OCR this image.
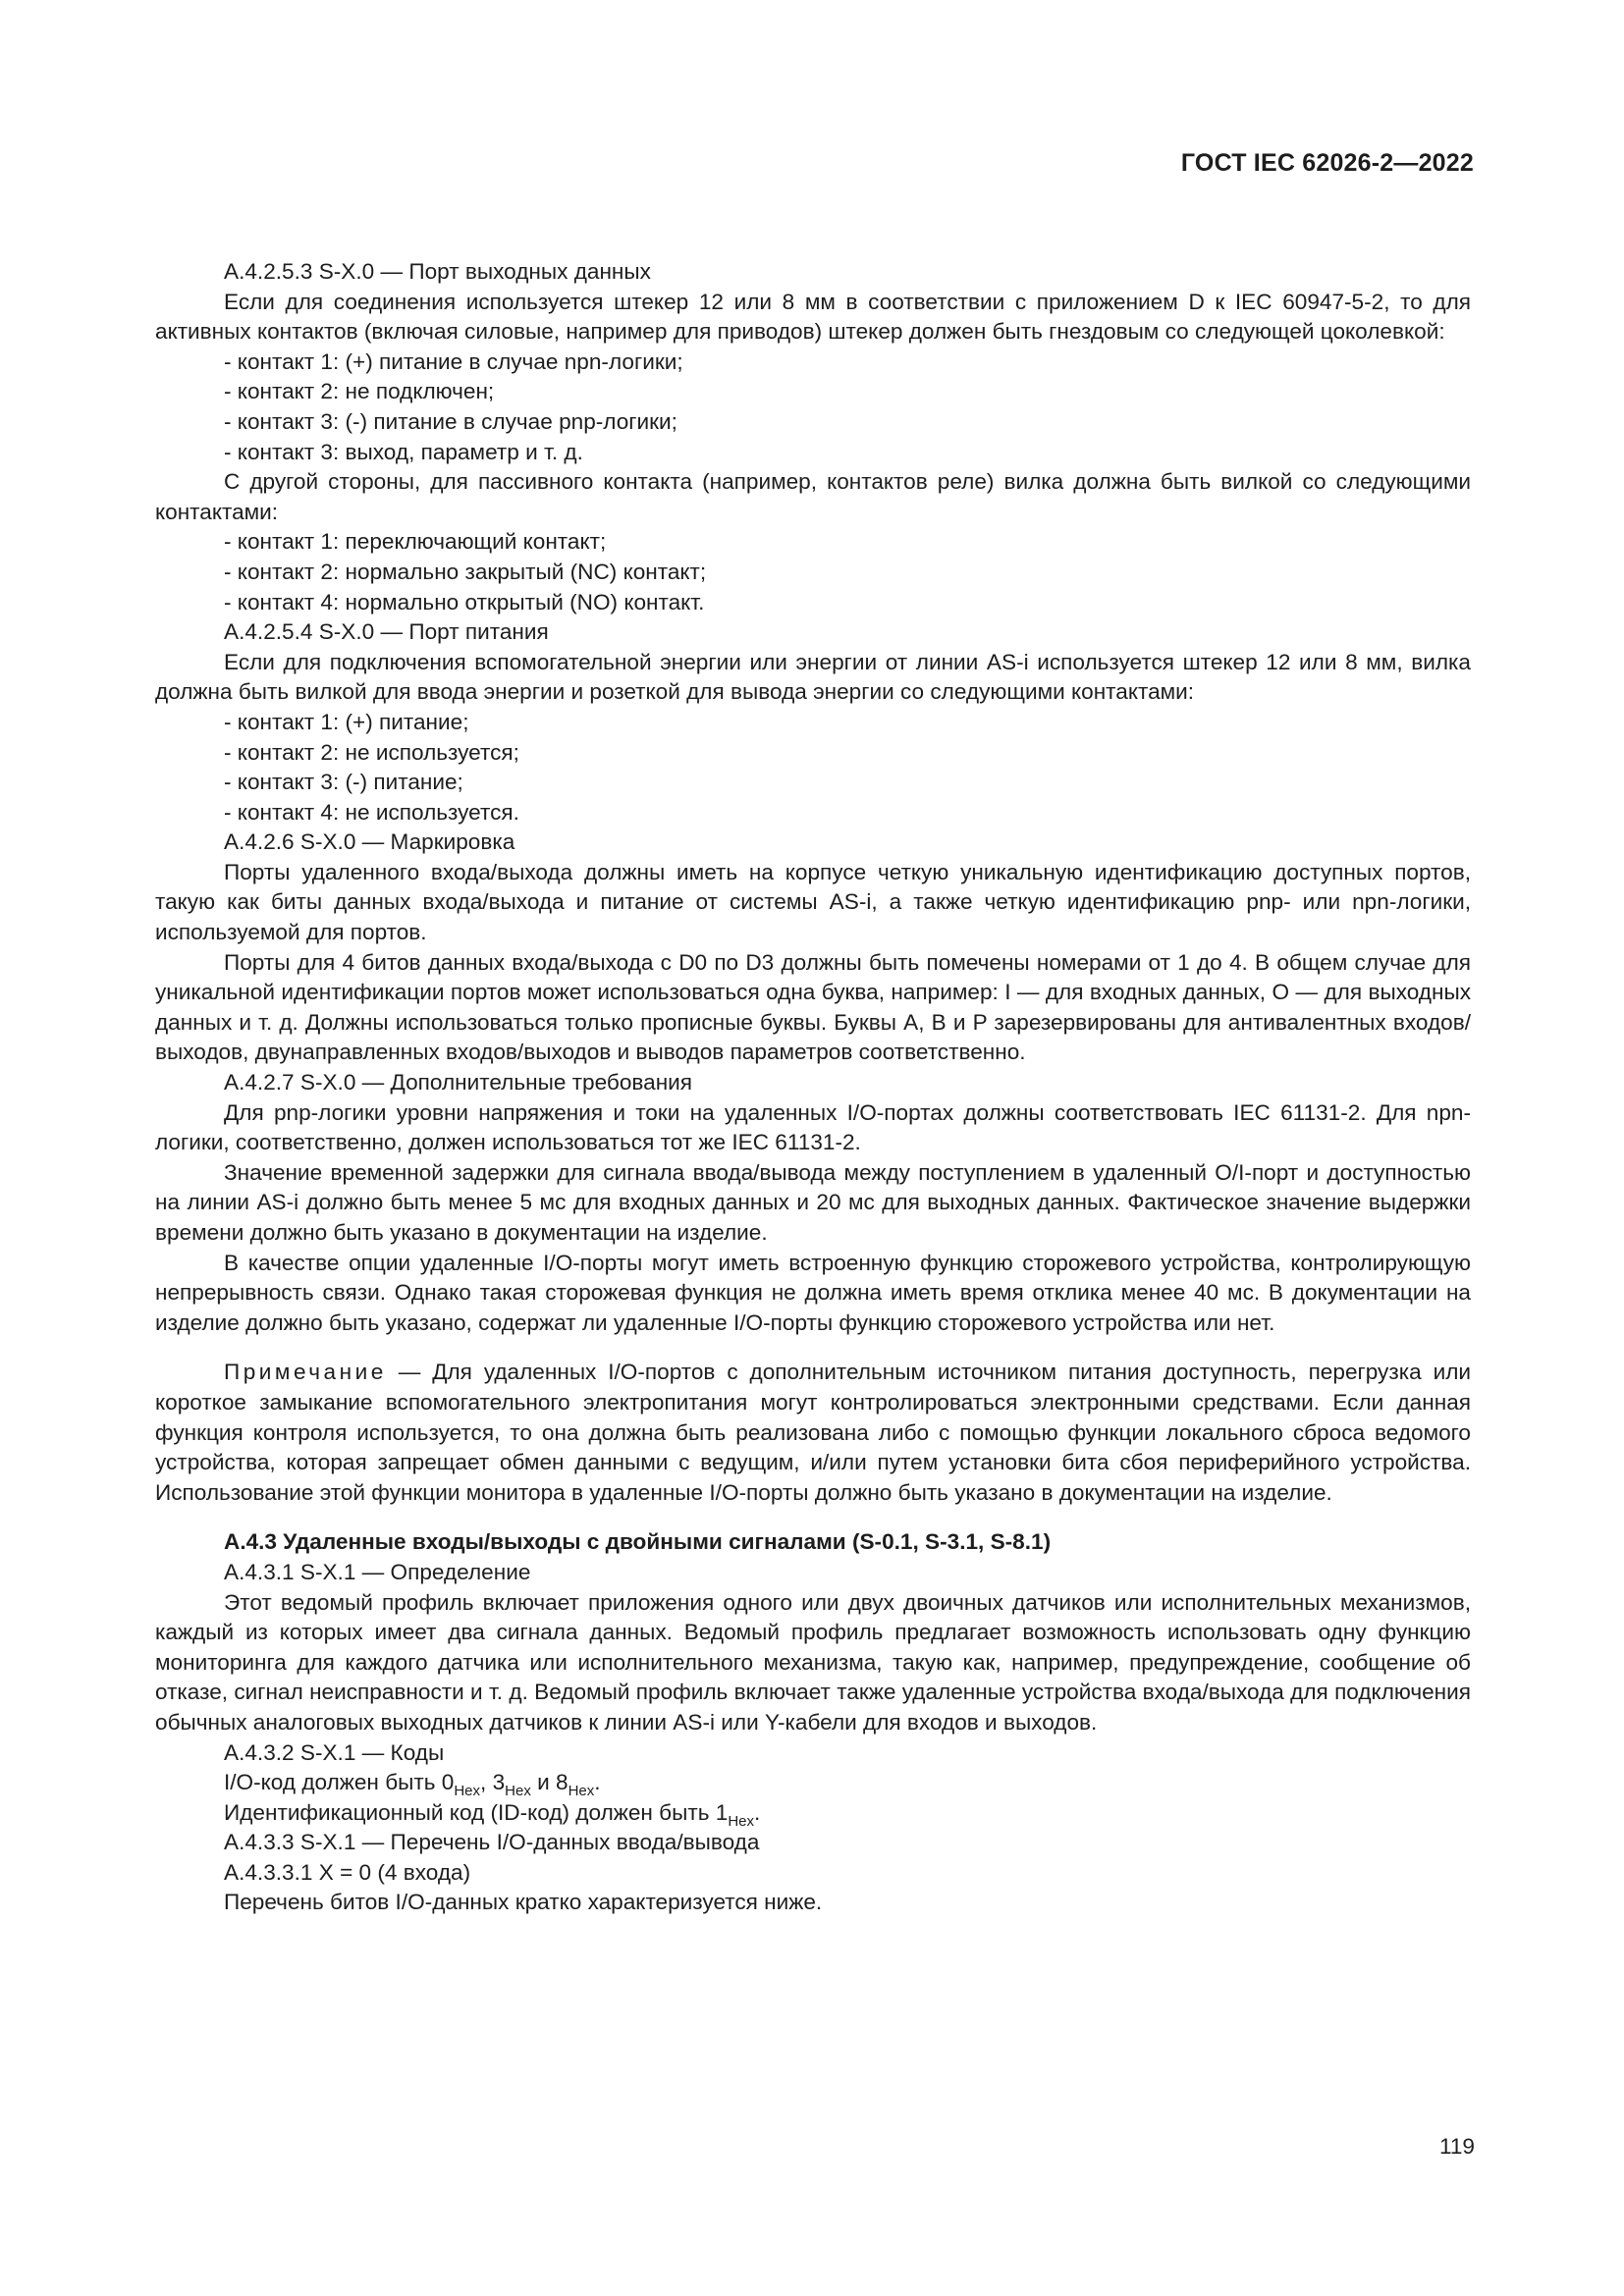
ГОСТ IEC 62026-2—2022

A.4.2.5.3 S-X.0 — Порт выходных данных

Если для соединения используется штекер 12 или 8 мм в соответствии с приложением D к IEC 60947-5-2, то для активных контактов (включая силовые, например для приводов) штекер должен быть гнездовым со следующей цоколевкой:

- контакт 1: (+) питание в случае npn-логики;

- контакт 2: не подключен;

- контакт 3: (-) питание в случае pnp-логики;

- контакт 3: выход, параметр и т. д.

С другой стороны, для пассивного контакта (например, контактов реле) вилка должна быть вилкой со следующими контактами:

- контакт 1: переключающий контакт;

- контакт 2: нормально закрытый (NC) контакт;

- контакт 4: нормально открытый (NO) контакт.

A.4.2.5.4 S-X.0 — Порт питания

Если для подключения вспомогательной энергии или энергии от линии AS-i используется штекер 12 или 8 мм, вилка должна быть вилкой для ввода энергии и розеткой для вывода энергии со следующими контактами:

- контакт 1: (+) питание;

- контакт 2: не используется;

- контакт 3: (-) питание;

- контакт 4: не используется.

A.4.2.6 S-X.0 — Маркировка

Порты удаленного входа/выхода должны иметь на корпусе четкую уникальную идентификацию доступных портов, такую как биты данных входа/выхода и питание от системы AS-i, а также четкую идентификацию pnp- или npn-логики, используемой для портов.

Порты для 4 битов данных входа/выхода с D0 по D3 должны быть помечены номерами от 1 до 4. В общем случае для уникальной идентификации портов может использоваться одна буква, например: I — для входных данных, O — для выходных данных и т. д. Должны использоваться только прописные буквы. Буквы A, B и P зарезервированы для антивалентных входов/выходов, двунаправленных входов/выходов и выводов параметров соответственно.

A.4.2.7 S-X.0 — Дополнительные требования

Для pnp-логики уровни напряжения и токи на удаленных I/O-портах должны соответствовать IEC 61131-2. Для npn-логики, соответственно, должен использоваться тот же IEC 61131-2.

Значение временной задержки для сигнала ввода/вывода между поступлением в удаленный O/I-порт и доступностью на линии AS-i должно быть менее 5 мс для входных данных и 20 мс для выходных данных. Фактическое значение выдержки времени должно быть указано в документации на изделие.

В качестве опции удаленные I/O-порты могут иметь встроенную функцию сторожевого устройства, контролирующую непрерывность связи. Однако такая сторожевая функция не должна иметь время отклика менее 40 мс. В документации на изделие должно быть указано, содержат ли удаленные I/O-порты функцию сторожевого устройства или нет.

Примечание — Для удаленных I/O-портов с дополнительным источником питания доступность, перегрузка или короткое замыкание вспомогательного электропитания могут контролироваться электронными средствами. Если данная функция контроля используется, то она должна быть реализована либо с помощью функции локального сброса ведомого устройства, которая запрещает обмен данными с ведущим, и/или путем установки бита сбоя периферийного устройства. Использование этой функции монитора в удаленные I/O-порты должно быть указано в документации на изделие.

A.4.3 Удаленные входы/выходы с двойными сигналами (S-0.1, S-3.1, S-8.1)

A.4.3.1 S-X.1 — Определение

Этот ведомый профиль включает приложения одного или двух двоичных датчиков или исполнительных механизмов, каждый из которых имеет два сигнала данных. Ведомый профиль предлагает возможность использовать одну функцию мониторинга для каждого датчика или исполнительного механизма, такую как, например, предупреждение, сообщение об отказе, сигнал неисправности и т. д. Ведомый профиль включает также удаленные устройства входа/выхода для подключения обычных аналоговых выходных датчиков к линии AS-i или Y-кабели для входов и выходов.

A.4.3.2 S-X.1 — Коды

I/O-код должен быть $0_{Hex}$, $3_{Hex}$ и $8_{Hex}$.

Идентификационный код (ID-код) должен быть $1_{Hex}$.

A.4.3.3 S-X.1 — Перечень I/O-данных ввода/вывода

A.4.3.3.1 X = 0 (4 входа)

Перечень битов I/O-данных кратко характеризуется ниже.

119
